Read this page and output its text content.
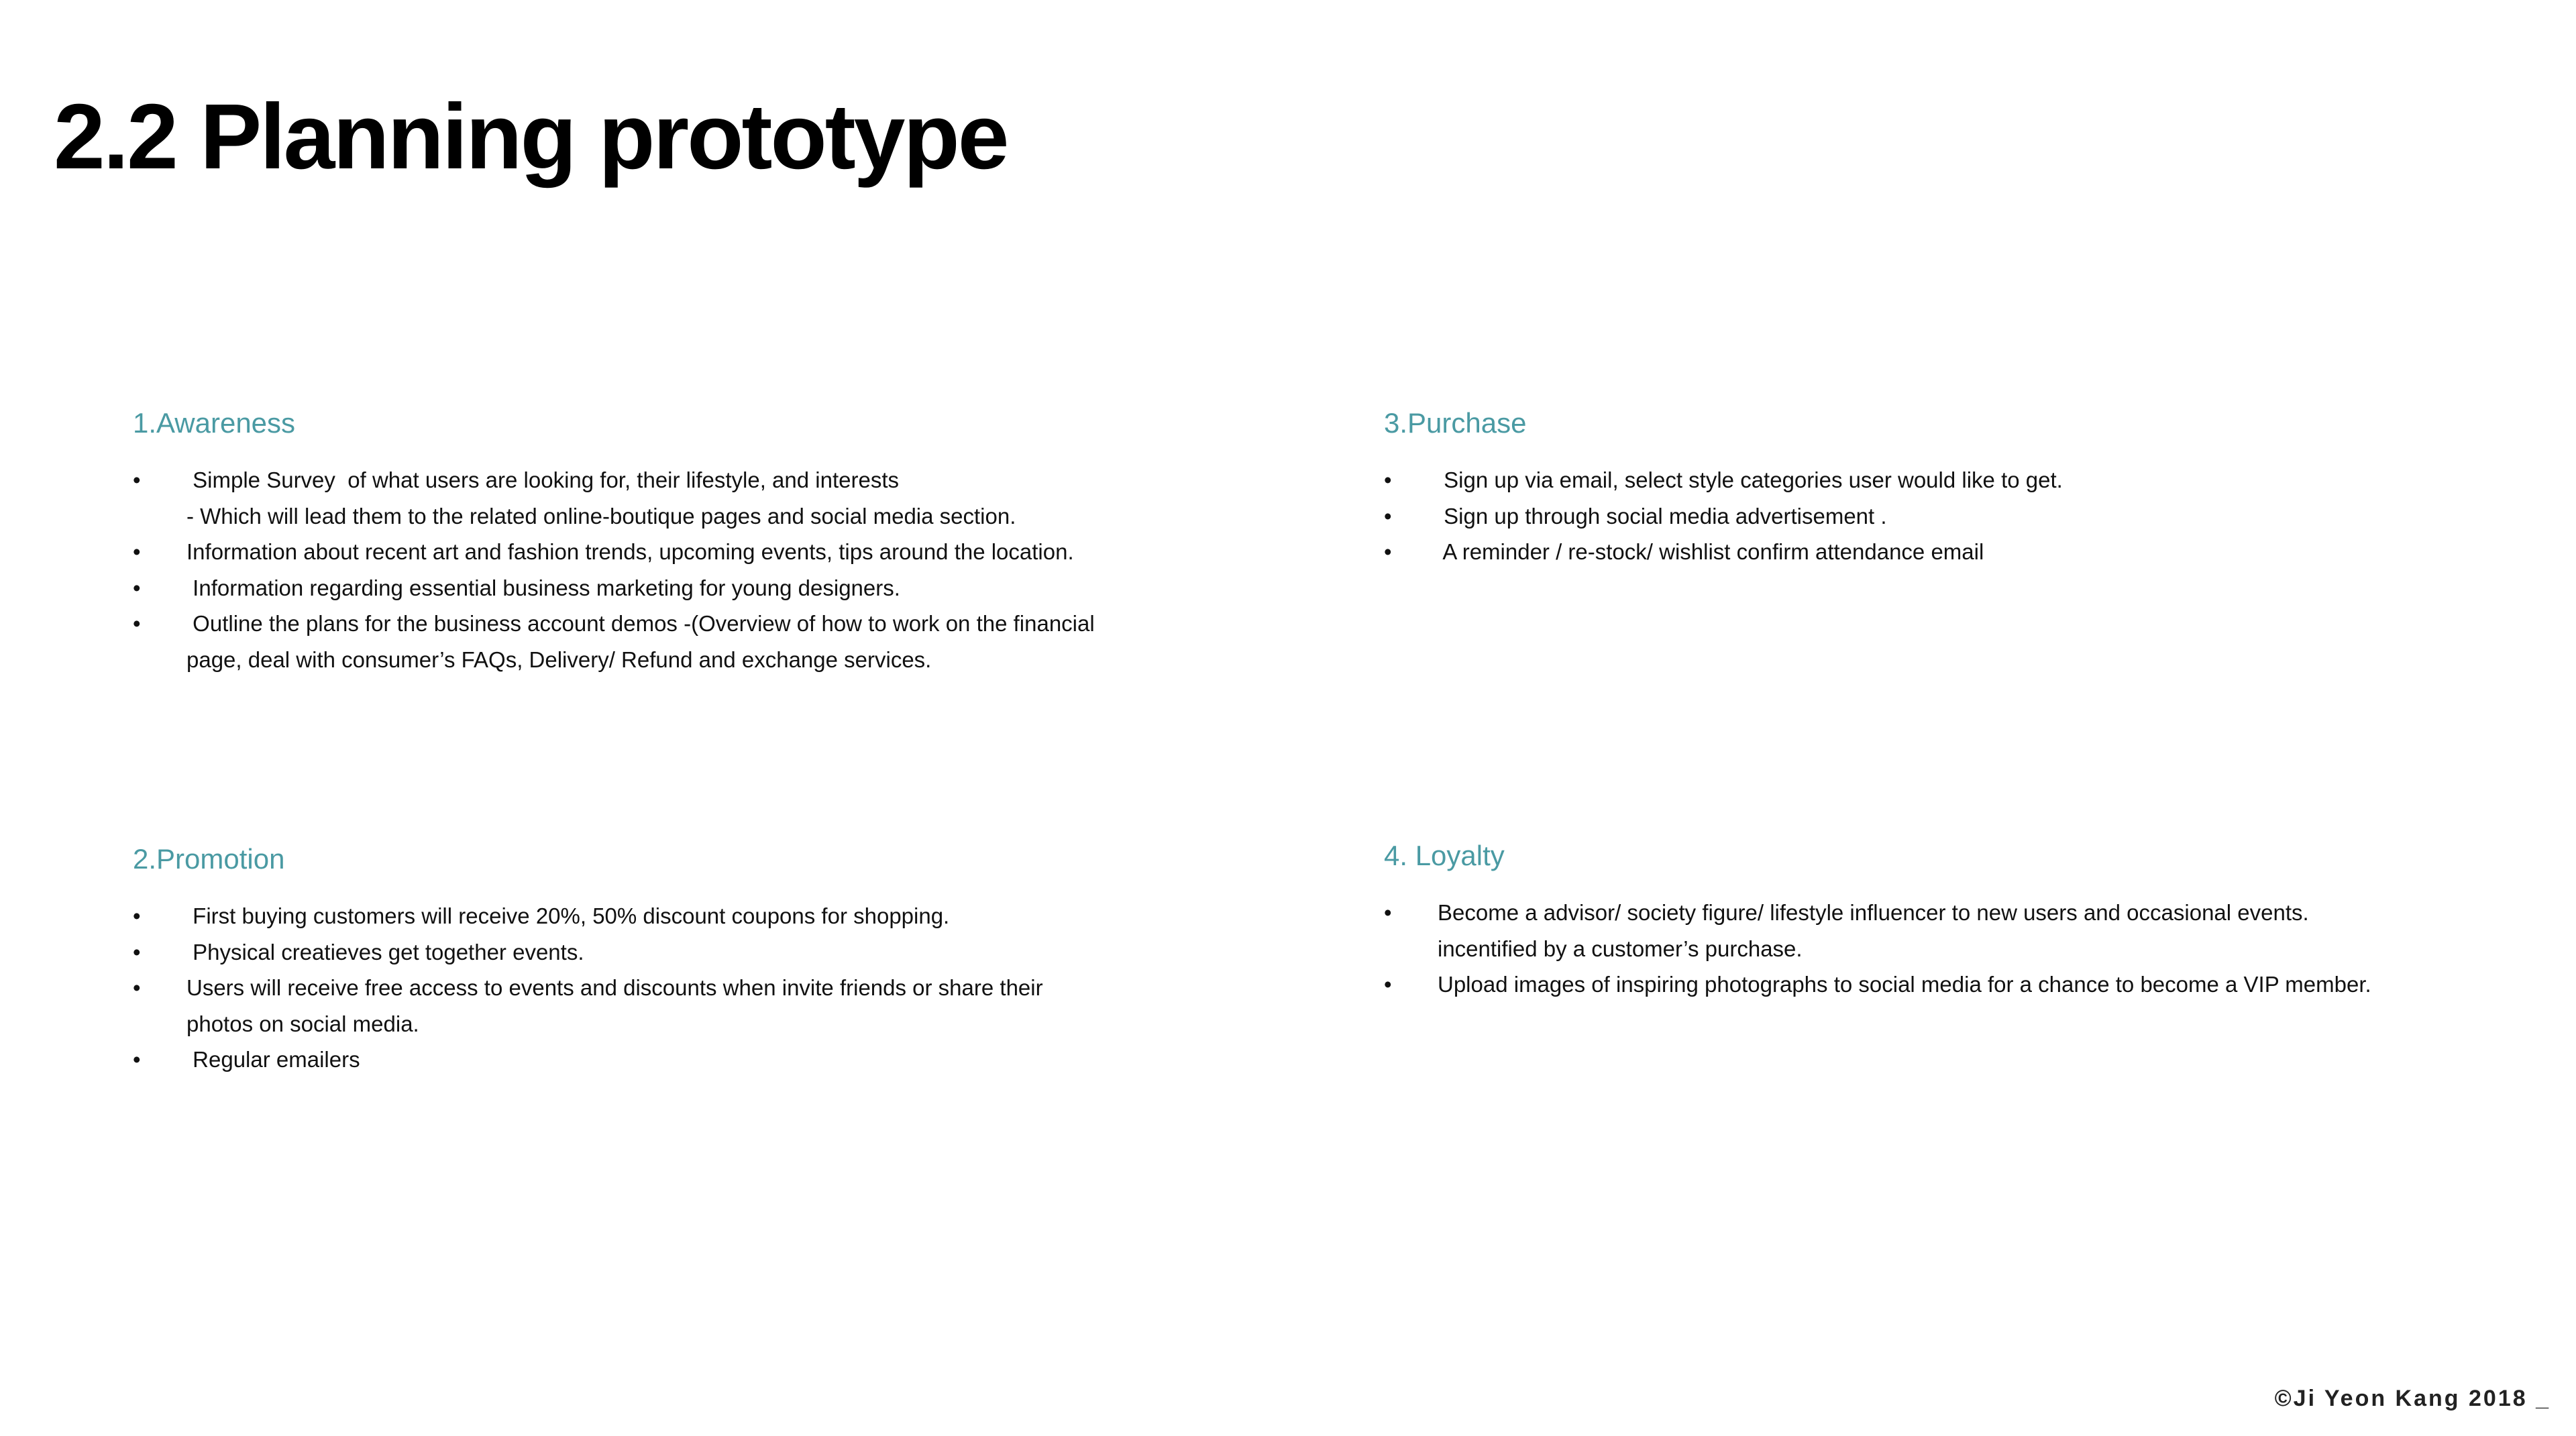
2.2 Planning prototype
1.Awareness
• Simple Survey  of what users are looking for, their lifestyle, and interests
- Which will lead them to the related online-boutique pages and social media section.
• Information about recent art and fashion trends, upcoming events, tips around the location.
• Information regarding essential business marketing for young designers.
• Outline the plans for the business account demos -(Overview of how to work on the financial
page, deal with consumer’s FAQs, Delivery/ Refund and exchange services.
2.Promotion
• First buying customers will receive 20%, 50% discount coupons for shopping.
• Physical creatieves get together events.
• Users will receive free access to events and discounts when invite friends or share their
photos on social media.
• Regular emailers
3.Purchase
• Sign up via email, select style categories user would like to get.
• Sign up through social media advertisement .
• A reminder / re-stock/ wishlist confirm attendance email
4. Loyalty
• Become a advisor/ society figure/ lifestyle influencer to new users and occasional events.
incentified by a customer’s purchase.
• Upload images of inspiring photographs to social media for a chance to become a VIP member.
©Ji Yeon Kang 2018 _
